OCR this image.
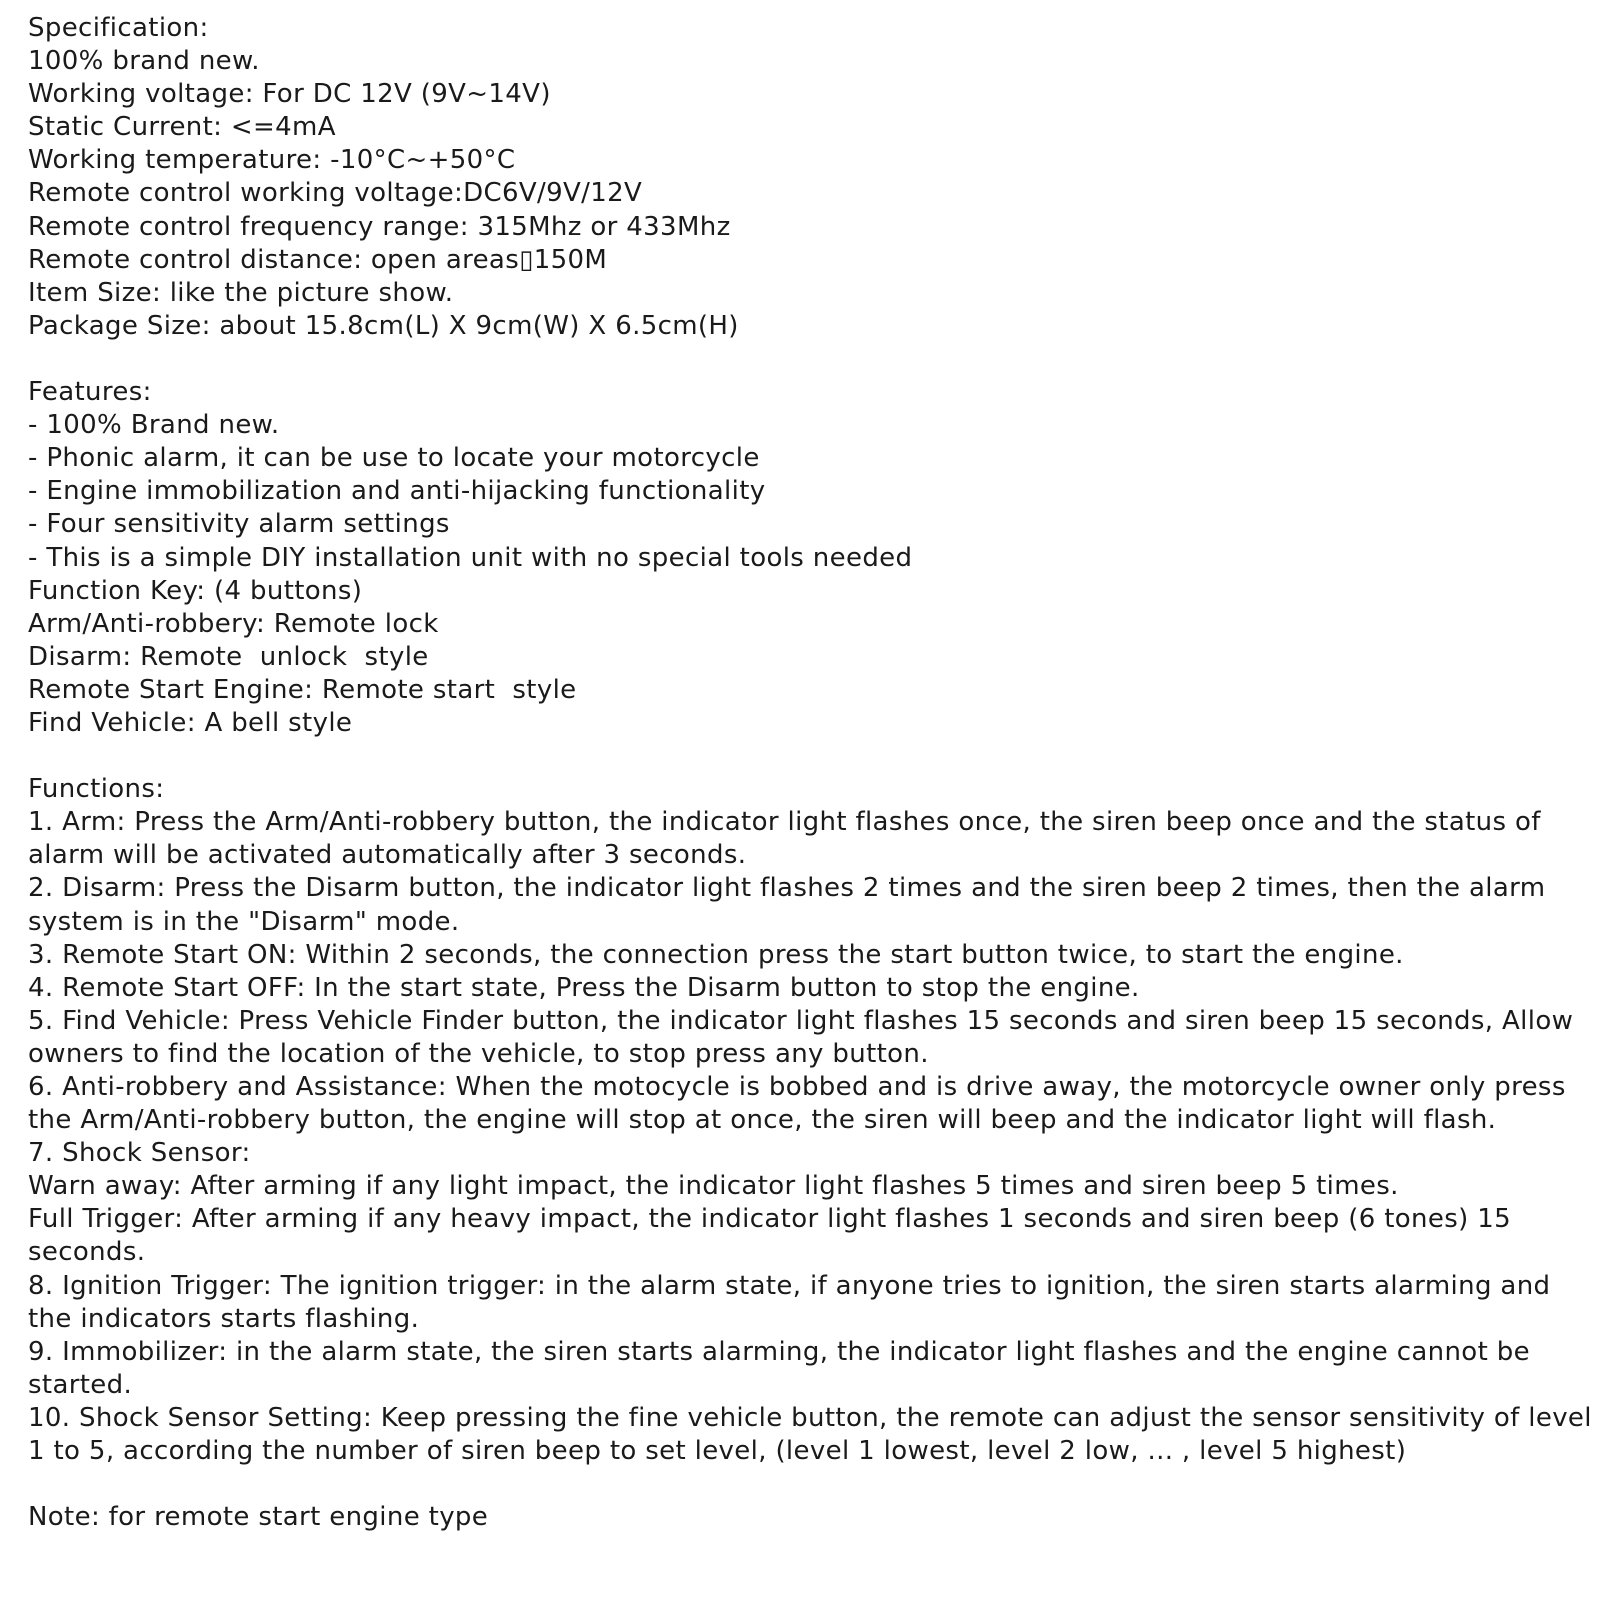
Specification:
100% brand new.
Working voltage: For DC 12V (9V~14V)
Static Current: <=4mA
Working temperature: -10°C~+50°C
Remote control working voltage:DC6V/9V/12V
Remote control frequency range: 315Mhz or 433Mhz
Remote control distance: open areas▯150M
Item Size: like the picture show.
Package Size: about 15.8cm(L) X 9cm(W) X 6.5cm(H)
Features:
- 100% Brand new.
- Phonic alarm, it can be use to locate your motorcycle
- Engine immobilization and anti-hijacking functionality
- Four sensitivity alarm settings
- This is a simple DIY installation unit with no special tools needed
Function Key: (4 buttons)
Arm/Anti-robbery: Remote lock
Disarm: Remote  unlock  style
Remote Start Engine: Remote start  style
Find Vehicle: A bell style
Functions:
1. Arm: Press the Arm/Anti-robbery button, the indicator light flashes once, the siren beep once and the status of alarm will be activated automatically after 3 seconds.
2. Disarm: Press the Disarm button, the indicator light flashes 2 times and the siren beep 2 times, then the alarm system is in the "Disarm" mode.
3. Remote Start ON: Within 2 seconds, the connection press the start button twice, to start the engine.
4. Remote Start OFF: In the start state, Press the Disarm button to stop the engine.
5. Find Vehicle: Press Vehicle Finder button, the indicator light flashes 15 seconds and siren beep 15 seconds, Allow owners to find the location of the vehicle, to stop press any button.
6. Anti-robbery and Assistance: When the motocycle is bobbed and is drive away, the motorcycle owner only press the Arm/Anti-robbery button, the engine will stop at once, the siren will beep and the indicator light will flash.
7. Shock Sensor:
Warn away: After arming if any light impact, the indicator light flashes 5 times and siren beep 5 times.
Full Trigger: After arming if any heavy impact, the indicator light flashes 1 seconds and siren beep (6 tones) 15 seconds.
8. Ignition Trigger: The ignition trigger: in the alarm state, if anyone tries to ignition, the siren starts alarming and the indicators starts flashing.
9. Immobilizer: in the alarm state, the siren starts alarming, the indicator light flashes and the engine cannot be started.
10. Shock Sensor Setting: Keep pressing the fine vehicle button, the remote can adjust the sensor sensitivity of level 1 to 5, according the number of siren beep to set level, (level 1 lowest, level 2 low, ... , level 5 highest)
Note: for remote start engine type
